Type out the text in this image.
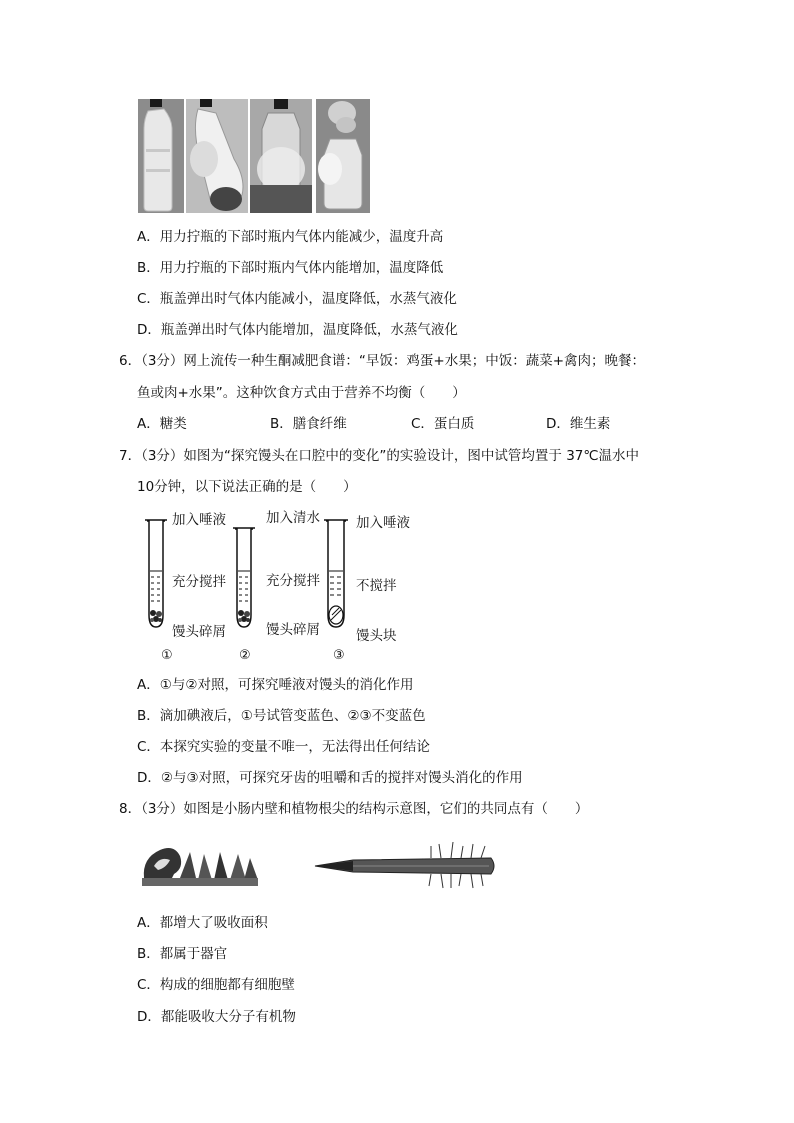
A．用力拧瓶的下部时瓶内气体内能减少，温度升高
B．用力拧瓶的下部时瓶内气体内能增加，温度降低
C．瓶盖弹出时气体内能减小，温度降低，水蒸气液化
D．瓶盖弹出时气体内能增加，温度降低，水蒸气液化
6．（3分）网上流传一种生酮减肥食谱：“早饭：鸡蛋+水果；中饭：蔬菜+禽肉；晚餐：
鱼或肉+水果”。这种饮食方式由于营养不均衡（　　）
A．糖类	B．膳食纤维	C．蛋白质	D．维生素
7．（3分）如图为“探究馒头在口腔中的变化”的实验设计，图中试管均置于 37℃温水中
10分钟，以下说法正确的是（　　）
加入唾液
充分搅拌
馒头碎屑
①
加入清水
充分搅拌
馒头碎屑
②
加入唾液
不搅拌
馒头块
③
A．①与②对照，可探究唾液对馒头的消化作用
B．滴加碘液后，①号试管变蓝色、②③不变蓝色
C．本探究实验的变量不唯一，无法得出任何结论
D．②与③对照，可探究牙齿的咀嚼和舌的搅拌对馒头消化的作用
8．（3分）如图是小肠内壁和植物根尖的结构示意图，它们的共同点有（　　）
A．都增大了吸收面积
B．都属于器官
C．构成的细胞都有细胞壁
D．都能吸收大分子有机物
